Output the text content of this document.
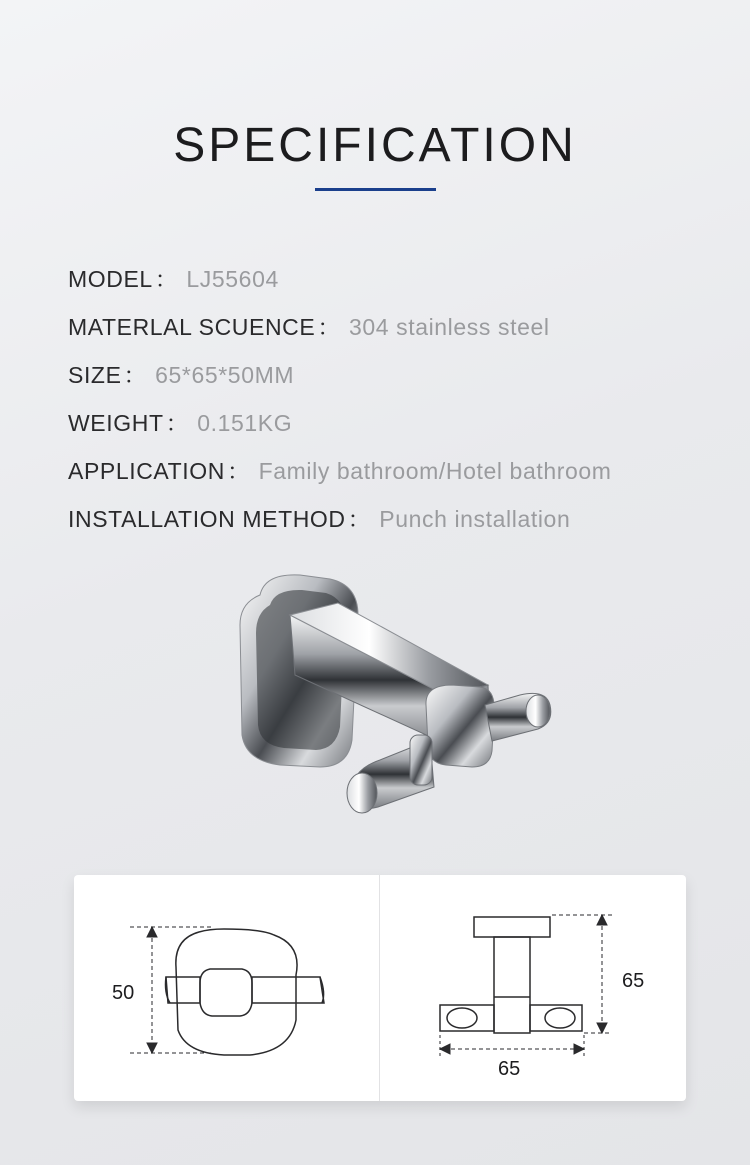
SPECIFICATION
MODEL： LJ55604
MATERLAL SCUENCE： 304 stainless steel
SIZE： 65*65*50MM
WEIGHT： 0.151KG
APPLICATION： Family bathroom/Hotel bathroom
INSTALLATION METHOD： Punch installation
50
65
65
